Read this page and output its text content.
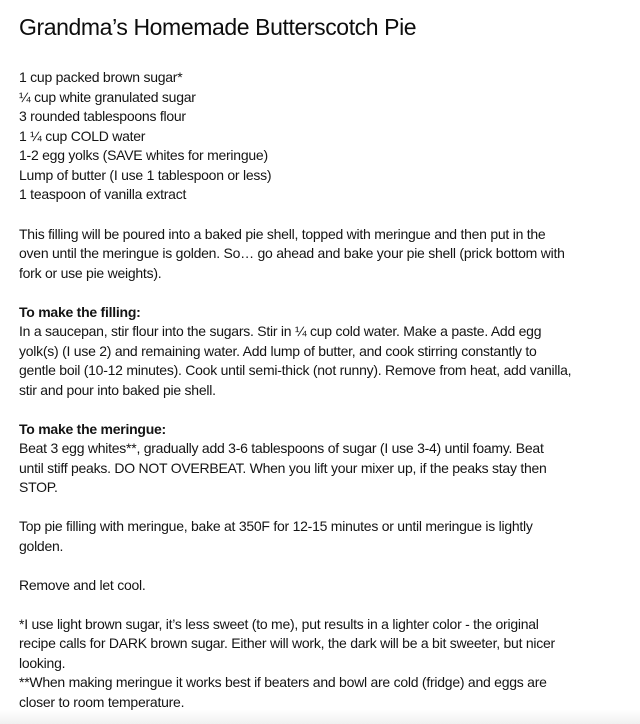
Grandma’s Homemade Butterscotch Pie
1 cup packed brown sugar*
¼ cup white granulated sugar
3 rounded tablespoons flour
1 ¼ cup COLD water
1-2 egg yolks (SAVE whites for meringue)
Lump of butter (I use 1 tablespoon or less)
1 teaspoon of vanilla extract
This filling will be poured into a baked pie shell, topped with meringue and then put in the
oven until the meringue is golden. So… go ahead and bake your pie shell (prick bottom with
fork or use pie weights).
To make the filling:
In a saucepan, stir flour into the sugars. Stir in ¼ cup cold water. Make a paste. Add egg
yolk(s) (I use 2) and remaining water. Add lump of butter, and cook stirring constantly to
gentle boil (10-12 minutes). Cook until semi-thick (not runny). Remove from heat, add vanilla,
stir and pour into baked pie shell.
To make the meringue:
Beat 3 egg whites**, gradually add 3-6 tablespoons of sugar (I use 3-4) until foamy. Beat
until stiff peaks. DO NOT OVERBEAT. When you lift your mixer up, if the peaks stay then
STOP.
Top pie filling with meringue, bake at 350F for 12-15 minutes or until meringue is lightly
golden.
Remove and let cool.
*I use light brown sugar, it’s less sweet (to me), put results in a lighter color - the original
recipe calls for DARK brown sugar. Either will work, the dark will be a bit sweeter, but nicer
looking.
**When making meringue it works best if beaters and bowl are cold (fridge) and eggs are
closer to room temperature.
